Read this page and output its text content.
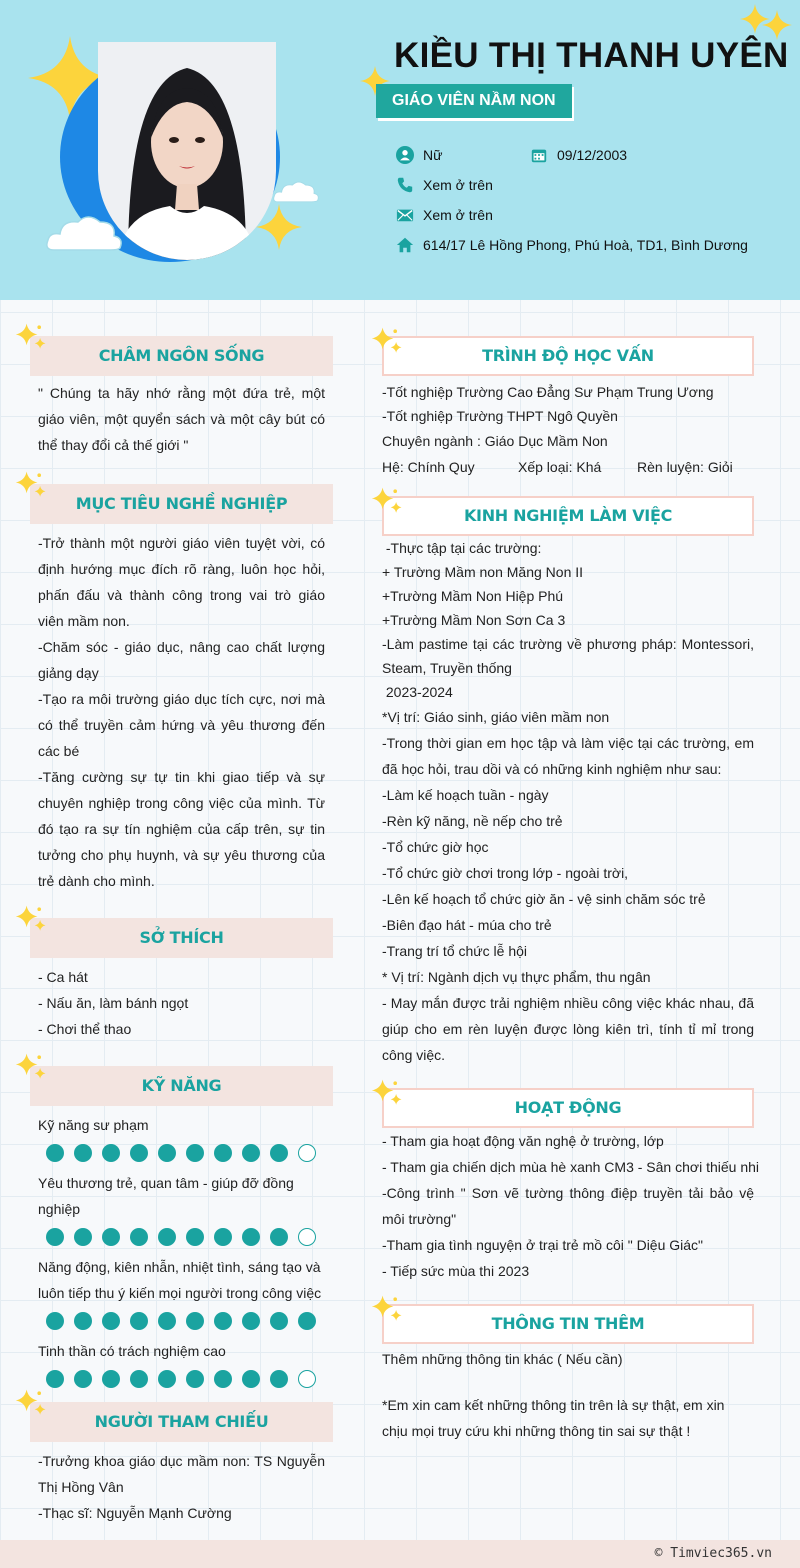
KIỀU THỊ THANH UYÊN
GIÁO VIÊN NẦM NON
Nữ	09/12/2003
Xem ở trên
Xem ở trên
614/17 Lê Hồng Phong, Phú Hoà, TD1, Bình Dương
CHÂM NGÔN SỐNG
" Chúng ta hãy nhớ rằng một đứa trẻ, một giáo viên, một quyển sách và một cây bút có thể thay đổi cả thế giới "
MỤC TIÊU NGHỀ NGHIỆP
-Trở thành một người giáo viên tuyệt vời, có định hướng mục đích rõ ràng, luôn học hỏi, phấn đấu và thành công trong vai trò giáo viên mầm non.
-Chăm sóc - giáo dục, nâng cao chất lượng giảng dạy
-Tạo ra môi trường giáo dục tích cực, nơi mà có thể truyền cảm hứng và yêu thương đến các bé
-Tăng cường sự tự tin khi giao tiếp và sự chuyên nghiệp trong công việc của mình. Từ đó tạo ra sự tín nghiệm của cấp trên, sự tin tưởng cho phụ huynh, và sự yêu thương của trẻ dành cho mình.
SỞ THÍCH
- Ca hát
- Nấu ăn, làm bánh ngọt
- Chơi thể thao
KỸ NĂNG
Kỹ năng sư phạm
Yêu thương trẻ, quan tâm - giúp đỡ đồng nghiệp
Năng động, kiên nhẫn, nhiệt tình, sáng tạo và luôn tiếp thu ý kiến mọi người trong công việc
Tinh thần có trách nghiệm cao
NGƯỜI THAM CHIẾU
-Trưởng khoa giáo dục mầm non: TS Nguyễn Thị Hồng Vân
-Thạc sĩ: Nguyễn Mạnh Cường
TRÌNH ĐỘ HỌC VẤN
-Tốt nghiệp Trường Cao Đẳng Sư Phạm Trung Ương
-Tốt nghiệp Trường THPT Ngô Quyền
Chuyên ngành : Giáo Dục Mầm Non
Hệ: Chính Quy	Xếp loại: Khá	Rèn luyện: Giỏi
KINH NGHIỆM LÀM VIỆC
-Thực tập tại các trường:
+ Trường Mầm non Măng Non II
+Trường Mầm Non Hiệp Phú
+Trường Mầm Non Sơn Ca 3
-Làm pastime tại các trường về phương pháp: Montessori, Steam, Truyền thống
2023-2024
*Vị trí: Giáo sinh, giáo viên mầm non
-Trong thời gian em học tập và làm việc tại các trường, em đã học hỏi, trau dồi và có những kinh nghiệm như sau:
-Làm kế hoạch tuần - ngày
-Rèn kỹ năng, nề nếp cho trẻ
-Tổ chức giờ học
-Tổ chức giờ chơi trong lớp - ngoài trời,
-Lên kế hoạch tổ chức giờ ăn - vệ sinh chăm sóc trẻ
-Biên đạo hát - múa cho trẻ
-Trang trí tổ chức lễ hội
* Vị trí: Ngành dịch vụ thực phẩm, thu ngân
- May mắn được trải nghiệm nhiều công việc khác nhau, đã giúp cho em rèn luyện được lòng kiên trì, tính tỉ mỉ trong công việc.
HOẠT ĐỘNG
- Tham gia hoạt động văn nghệ ở trường, lớp
- Tham gia chiến dịch mùa hè xanh CM3 - Sân chơi thiếu nhi
-Công trình " Sơn vẽ tường thông điệp truyền tải bảo vệ môi trường"
-Tham gia tình nguyện ở trại trẻ mồ côi " Diệu Giác"
- Tiếp sức mùa thi 2023
THÔNG TIN THÊM
Thêm những thông tin khác ( Nếu cần)
*Em xin cam kết những thông tin trên là sự thật, em xin chịu mọi truy cứu khi những thông tin sai sự thật !
© Timviec365.vn
